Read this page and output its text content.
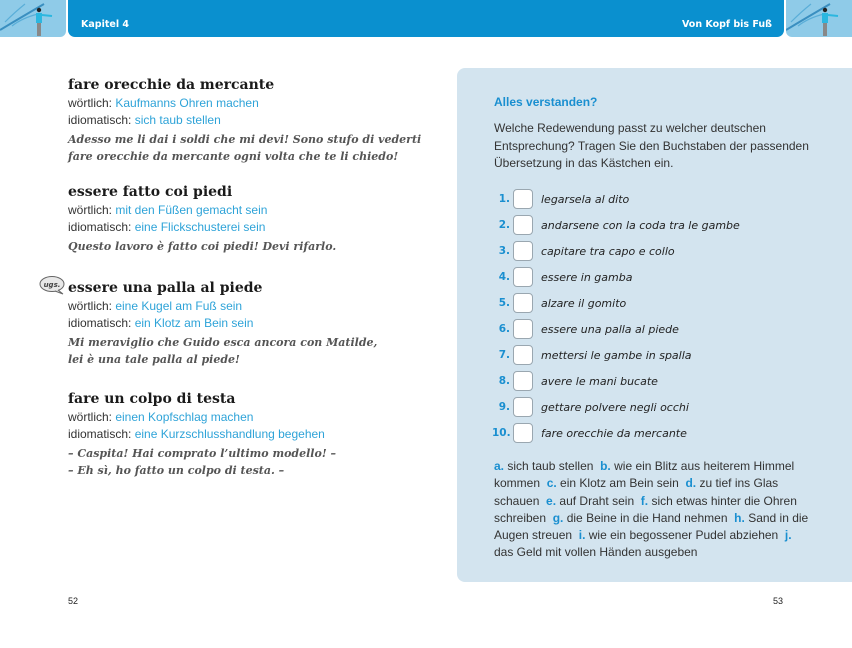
Kapitel 4	Von Kopf bis Fuß
fare orecchie da mercante
wörtlich: Kaufmanns Ohren machen
idiomatisch: sich taub stellen
Adesso me li dai i soldi che mi devi! Sono stufo di vederti
fare orecchie da mercante ogni volta che te li chiedo!
essere fatto coi piedi
wörtlich: mit den Füßen gemacht sein
idiomatisch: eine Flickschusterei sein
Questo lavoro è fatto coi piedi! Devi rifarlo.
ugs. essere una palla al piede
wörtlich: eine Kugel am Fuß sein
idiomatisch: ein Klotz am Bein sein
Mi meraviglio che Guido esca ancora con Matilde,
lei è una tale palla al piede!
fare un colpo di testa
wörtlich: einen Kopfschlag machen
idiomatisch: eine Kurzschlusshandlung begehen
– Caspita! Hai comprato l’ultimo modello! –
– Eh sì, ho fatto un colpo di testa. –
Alles verstanden?
Welche Redewendung passt zu welcher deutschen Entsprechung? Tragen Sie den Buchstaben der passenden Übersetzung in das Kästchen ein.
1.	legarsela al dito
2.	andarsene con la coda tra le gambe
3.	capitare tra capo e collo
4.	essere in gamba
5.	alzare il gomito
6.	essere una palla al piede
7.	mettersi le gambe in spalla
8.	avere le mani bucate
9.	gettare polvere negli occhi
10.	fare orecchie da mercante
a. sich taub stellen b. wie ein Blitz aus heiterem Himmel kommen c. ein Klotz am Bein sein d. zu tief ins Glas schauen e. auf Draht sein f. sich etwas hinter die Ohren schreiben g. die Beine in die Hand nehmen h. Sand in die Augen streuen i. wie ein begossener Pudel abziehen j. das Geld mit vollen Händen ausgeben
52	53
